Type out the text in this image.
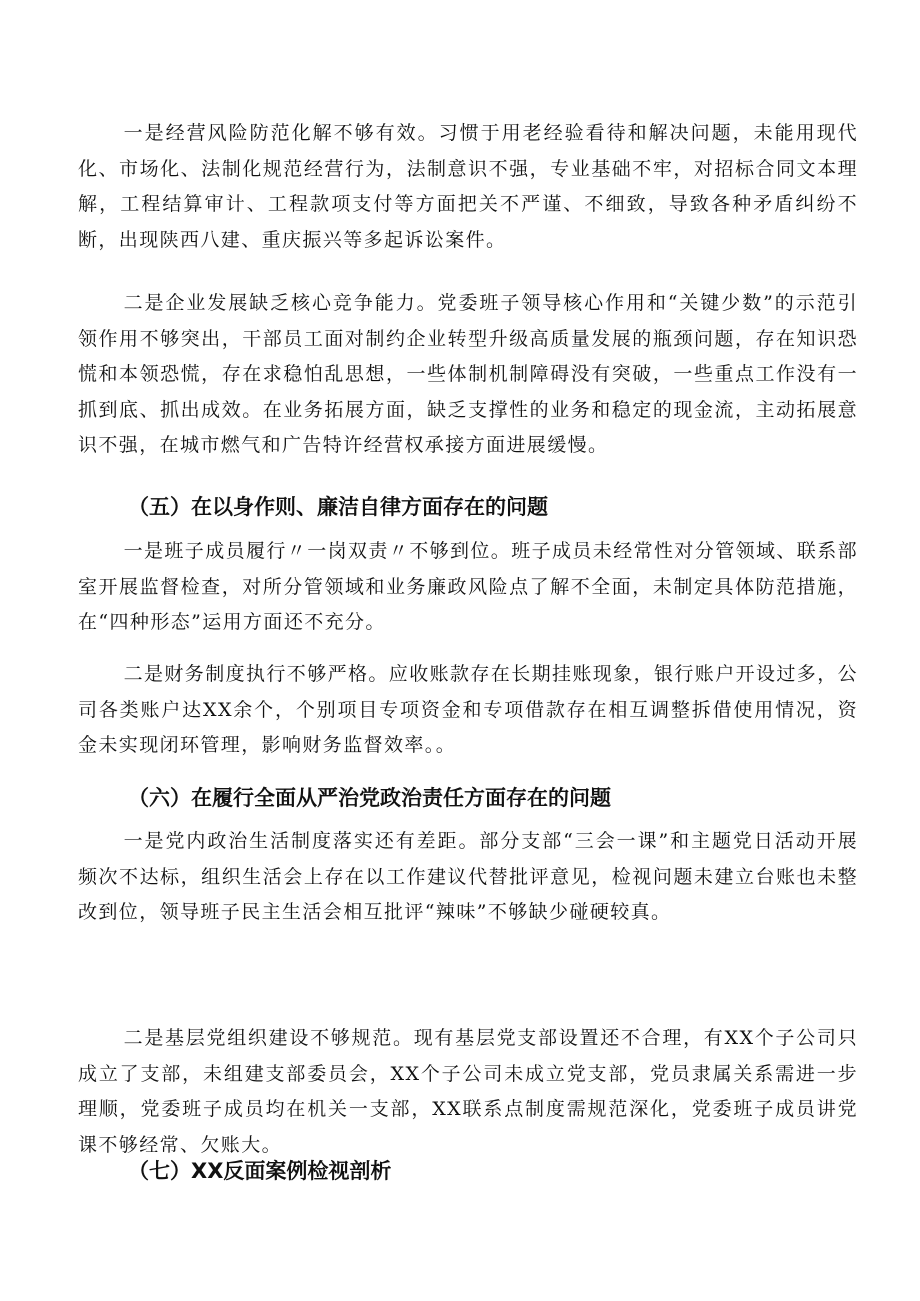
一是经营风险防范化解不够有效。习惯于用老经验看待和解决问题，未能用现代化、市场化、法制化规范经营行为，法制意识不强，专业基础不牢，对招标合同文本理解，工程结算审计、工程款项支付等方面把关不严谨、不细致，导致各种矛盾纠纷不断，出现陕西八建、重庆振兴等多起诉讼案件。

二是企业发展缺乏核心竞争能力。党委班子领导核心作用和“关键少数”的示范引领作用不够突出，干部员工面对制约企业转型升级高质量发展的瓶颈问题，存在知识恐慌和本领恐慌，存在求稳怕乱思想，一些体制机制障碍没有突破，一些重点工作没有一抓到底、抓出成效。在业务拓展方面，缺乏支撑性的业务和稳定的现金流，主动拓展意识不强，在城市燃气和广告特许经营权承接方面进展缓慢。

（五）在以身作则、廉洁自律方面存在的问题

一是班子成员履行〃一岗双责〃不够到位。班子成员未经常性对分管领域、联系部室开展监督检查，对所分管领域和业务廉政风险点了解不全面，未制定具体防范措施，在“四种形态”运用方面还不充分。

二是财务制度执行不够严格。应收账款存在长期挂账现象，银行账户开设过多，公司各类账户达XX余个，个别项目专项资金和专项借款存在相互调整拆借使用情况，资金未实现闭环管理，影响财务监督效率。。

（六）在履行全面从严治党政治责任方面存在的问题

一是党内政治生活制度落实还有差距。部分支部“三会一课”和主题党日活动开展频次不达标，组织生活会上存在以工作建议代替批评意见，检视问题未建立台账也未整改到位，领导班子民主生活会相互批评“辣味”不够缺少碰硬较真。

二是基层党组织建设不够规范。现有基层党支部设置还不合理，有XX个子公司只成立了支部，未组建支部委员会，XX个子公司未成立党支部，党员隶属关系需进一步理顺，党委班子成员均在机关一支部，XX联系点制度需规范深化，党委班子成员讲党课不够经常、欠账大。

（七）XX反面案例检视剖析
